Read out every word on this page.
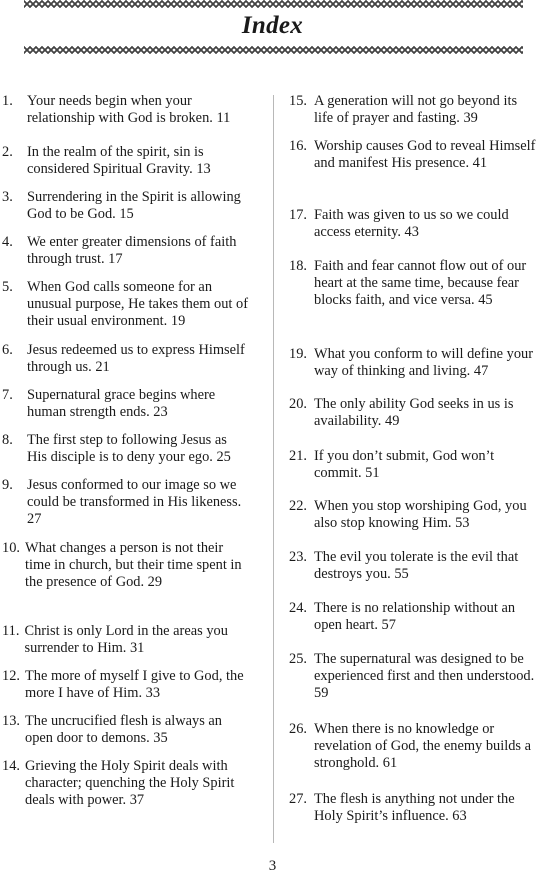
Index
1. Your needs begin when your relationship with God is broken. 11
2. In the realm of the spirit, sin is considered Spiritual Gravity. 13
3. Surrendering in the Spirit is allowing God to be God. 15
4. We enter greater dimensions of faith through trust. 17
5. When God calls someone for an unusual purpose, He takes them out of their usual environment. 19
6. Jesus redeemed us to express Himself through us. 21
7. Supernatural grace begins where human strength ends. 23
8. The first step to following Jesus as His disciple is to deny your ego. 25
9. Jesus conformed to our image so we could be transformed in His likeness. 27
10. What changes a person is not their time in church, but their time spent in the presence of God. 29
11. Christ is only Lord in the areas you surrender to Him. 31
12. The more of myself I give to God, the more I have of Him. 33
13. The uncrucified flesh is always an open door to demons. 35
14. Grieving the Holy Spirit deals with character; quenching the Holy Spirit deals with power. 37
15. A generation will not go beyond its life of prayer and fasting. 39
16. Worship causes God to reveal Himself and manifest His presence. 41
17. Faith was given to us so we could access eternity. 43
18. Faith and fear cannot flow out of our heart at the same time, because fear blocks faith, and vice versa. 45
19. What you conform to will define your way of thinking and living. 47
20. The only ability God seeks in us is availability. 49
21. If you don’t submit, God won’t commit. 51
22. When you stop worshiping God, you also stop knowing Him. 53
23. The evil you tolerate is the evil that destroys you. 55
24. There is no relationship without an open heart. 57
25. The supernatural was designed to be experienced first and then understood. 59
26. When there is no knowledge or revelation of God, the enemy builds a stronghold. 61
27. The flesh is anything not under the Holy Spirit’s influence. 63
3
